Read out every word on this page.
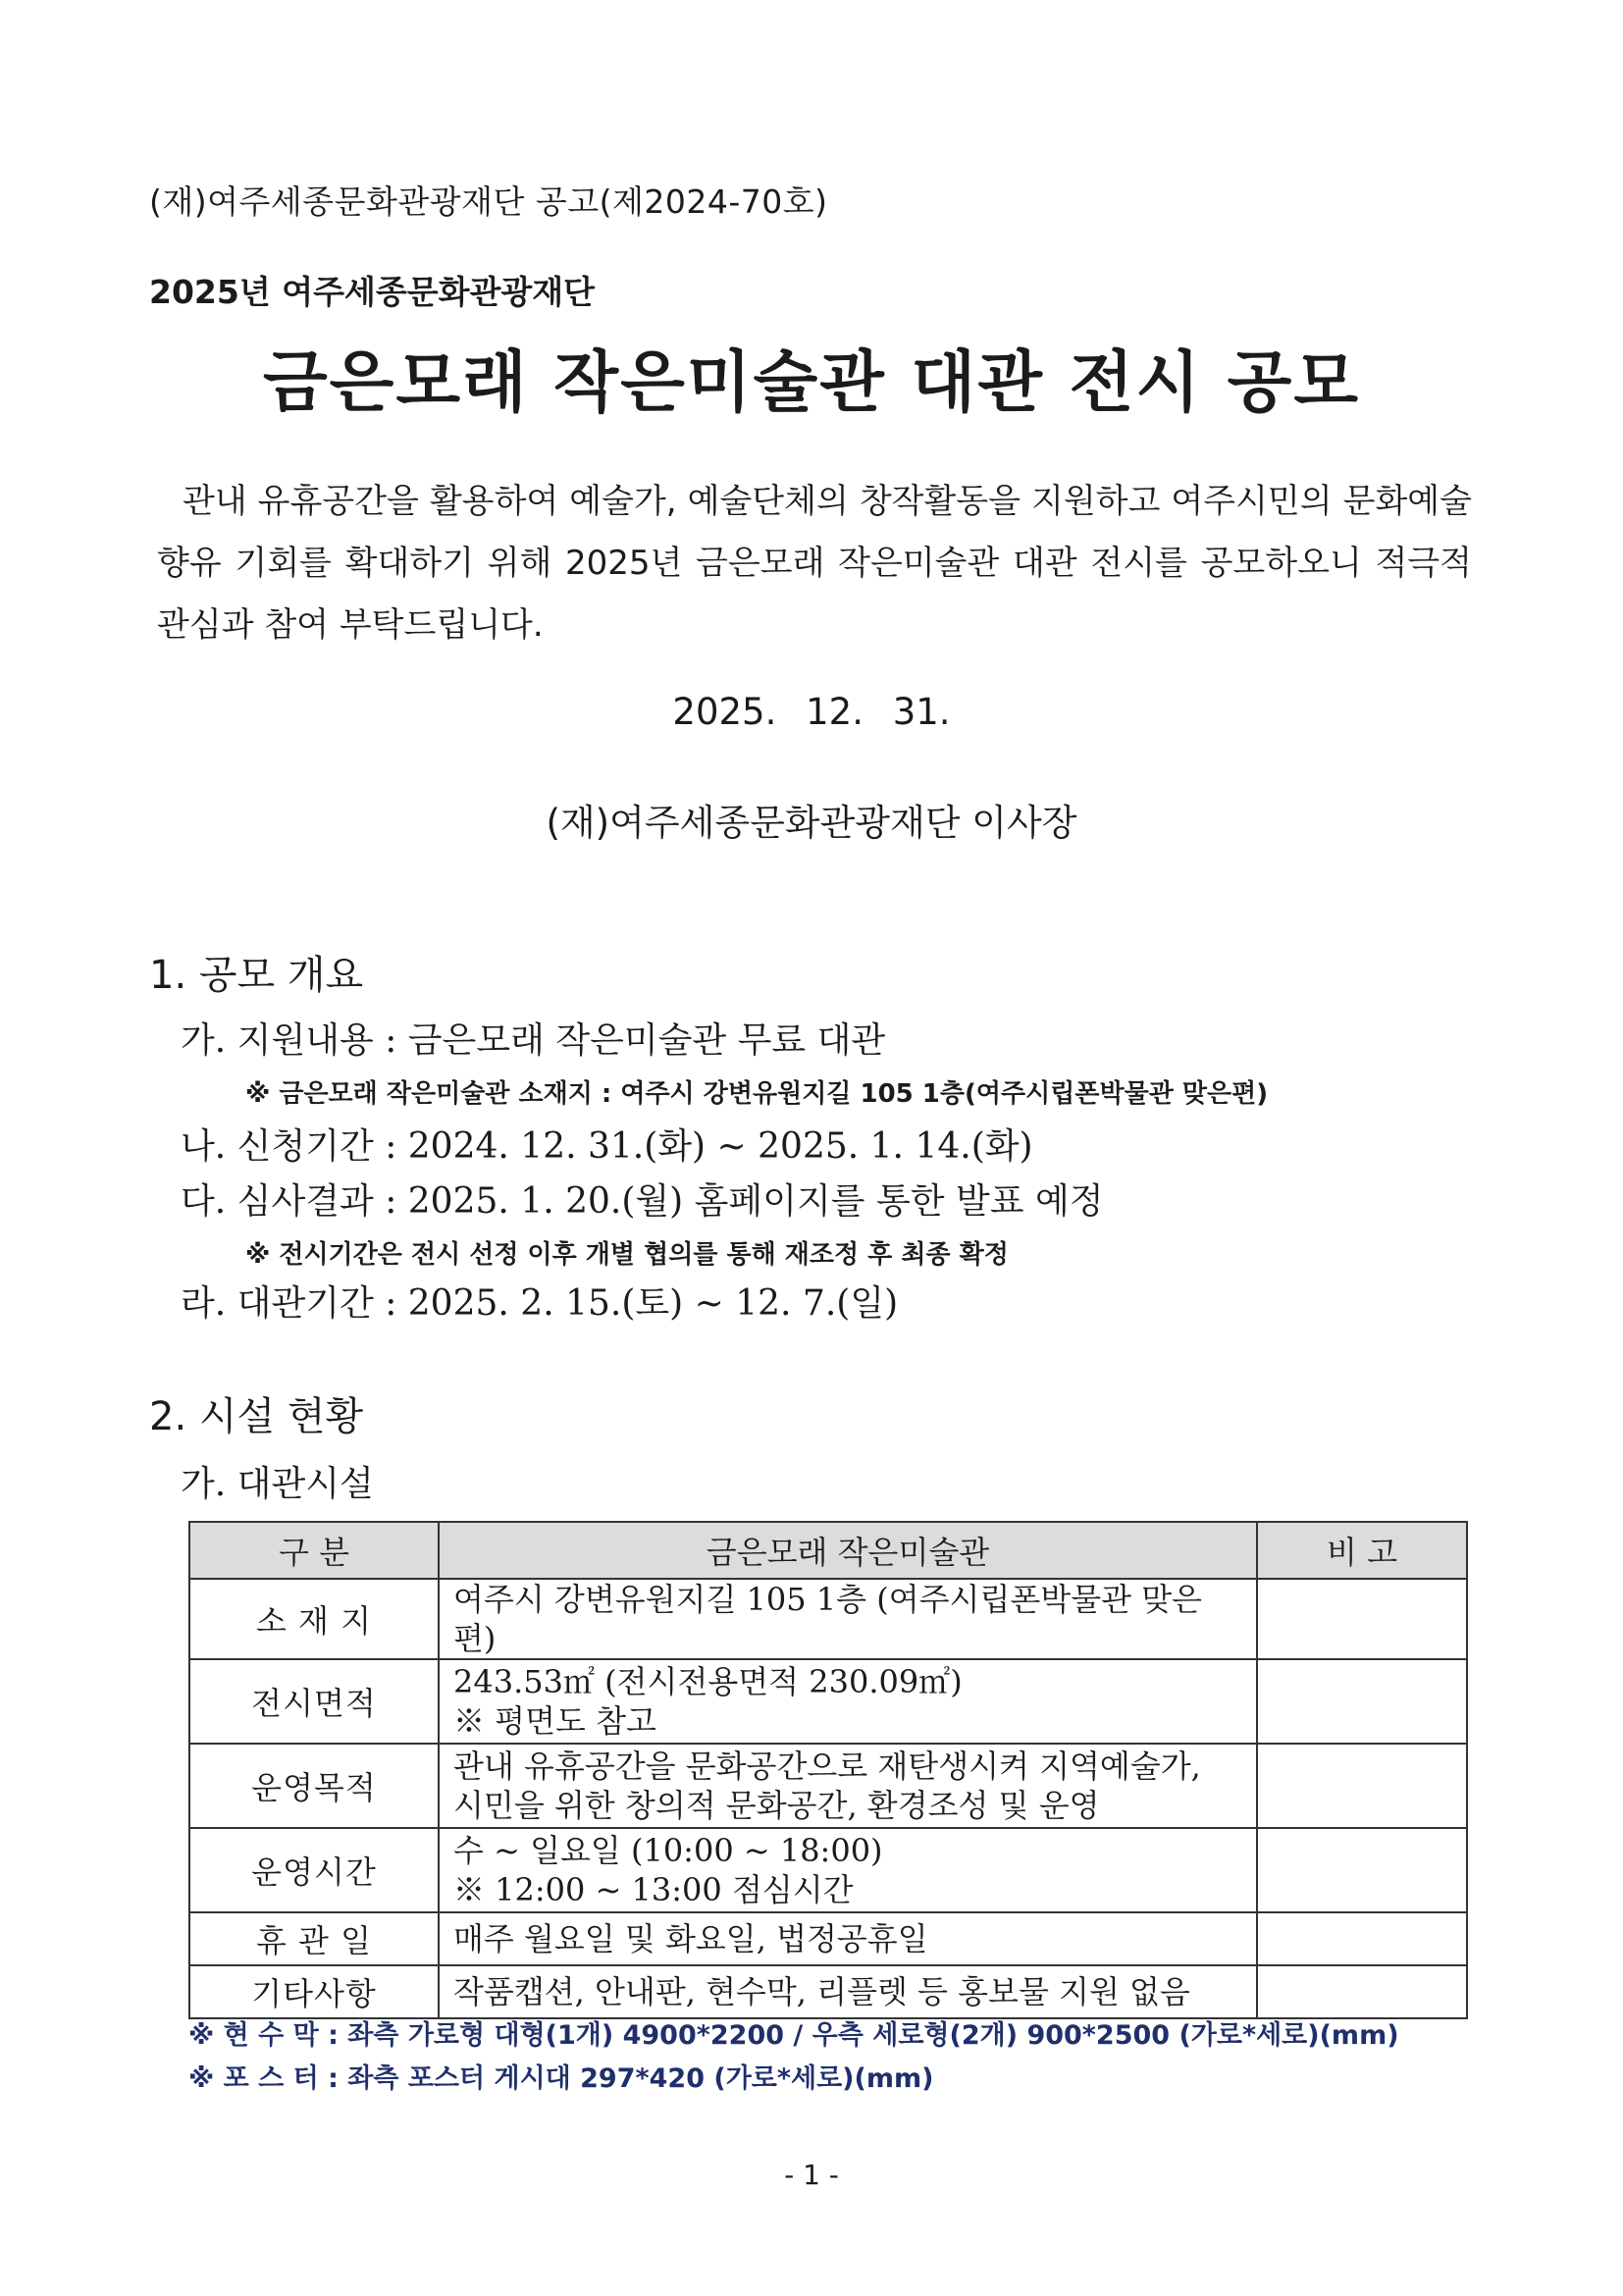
(재)여주세종문화관광재단 공고(제2024-70호)
2025년 여주세종문화관광재단
금은모래 작은미술관 대관 전시 공모
관내 유휴공간을 활용하여 예술가, 예술단체의 창작활동을 지원하고 여주시민의 문화예술 향유 기회를 확대하기 위해 2025년 금은모래 작은미술관 대관 전시를 공모하오니 적극적 관심과 참여 부탁드립니다.
2025. 12. 31.
(재)여주세종문화관광재단 이사장
1. 공모 개요
가. 지원내용 : 금은모래 작은미술관 무료 대관
※ 금은모래 작은미술관 소재지 : 여주시 강변유원지길 105 1층(여주시립폰박물관 맞은편)
나. 신청기간 : 2024. 12. 31.(화) ~ 2025. 1. 14.(화)
다. 심사결과 : 2025. 1. 20.(월) 홈페이지를 통한 발표 예정
※ 전시기간은 전시 선정 이후 개별 협의를 통해 재조정 후 최종 확정
라. 대관기간 : 2025. 2. 15.(토) ~ 12. 7.(일)
2. 시설 현황
가. 대관시설
구 분	금은모래 작은미술관	비 고
소 재 지	여주시 강변유원지길 105 1층 (여주시립폰박물관 맞은편)	

전시면적	243.53㎡ (전시전용면적 230.09㎡)
※ 평면도 참고	

운영목적	관내 유휴공간을 문화공간으로 재탄생시켜 지역예술가,
시민을 위한 창의적 문화공간, 환경조성 및 운영	

운영시간	수 ~ 일요일 (10:00 ~ 18:00)
※ 12:00 ~ 13:00 점심시간	

휴 관 일	매주 월요일 및 화요일, 법정공휴일	

기타사항	작품캡션, 안내판, 현수막, 리플렛 등 홍보물 지원 없음	

※ 현 수 막 : 좌측 가로형 대형(1개) 4900*2200 / 우측 세로형(2개) 900*2500 (가로*세로)(mm)
※ 포 스 터 : 좌측 포스터 게시대 297*420 (가로*세로)(mm)
- 1 -
